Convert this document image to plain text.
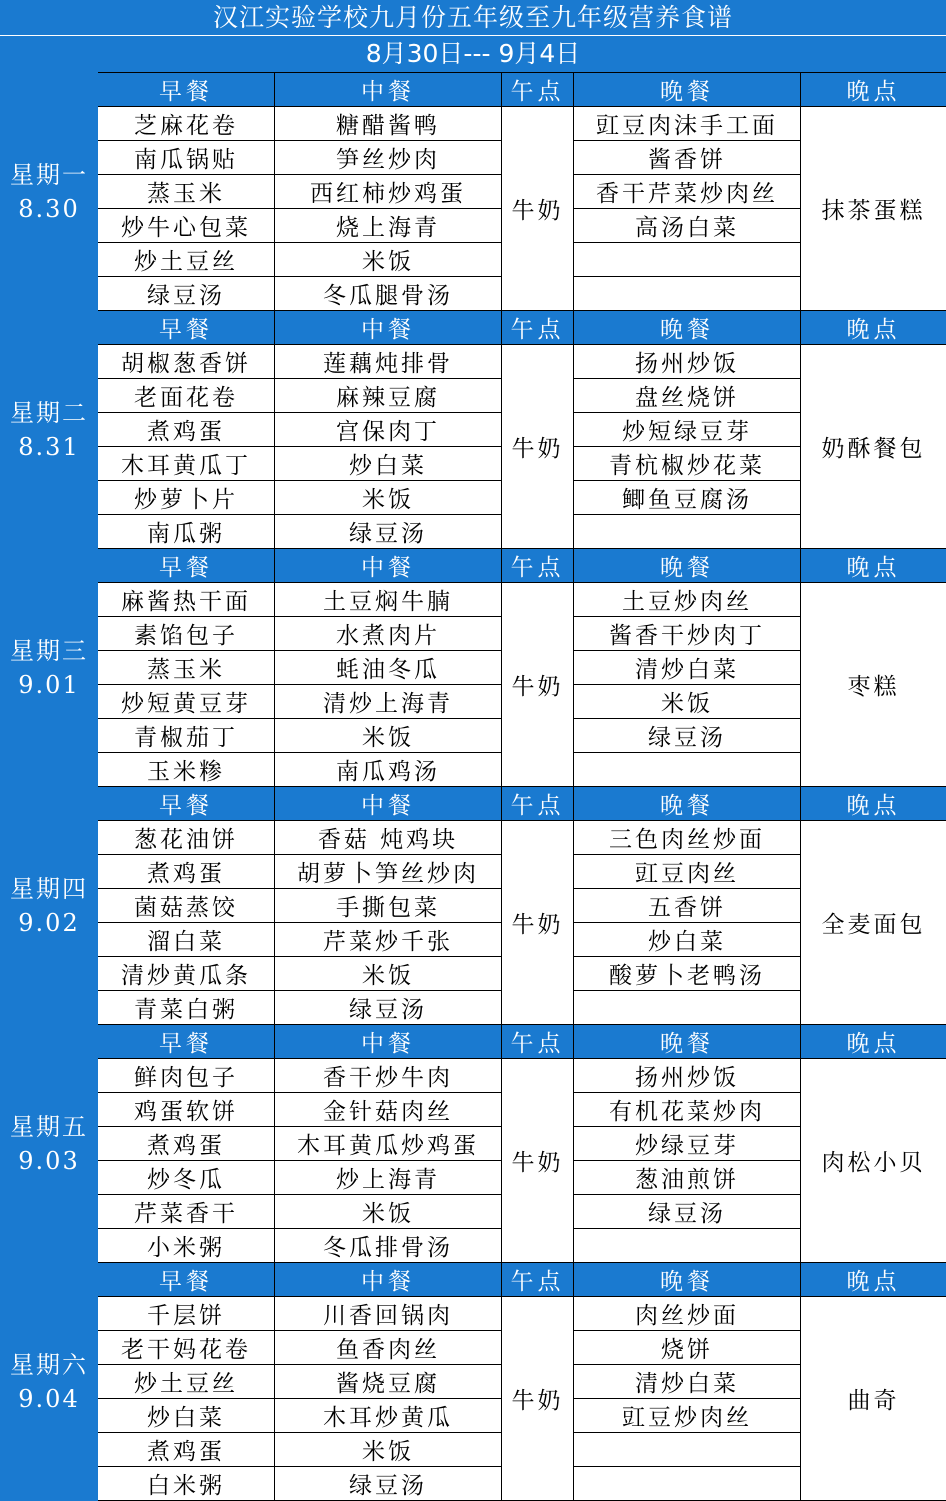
汉江实验学校九月份五年级至九年级营养食谱
8月30日--- 9月4日
星期一
8.30	早餐	中餐	午点	晚餐	晚点
	芝麻花卷	糖醋酱鸭	牛奶	豇豆肉沫手工面	抹茶蛋糕
	南瓜锅贴	笋丝炒肉		酱香饼	
	蒸玉米	西红柿炒鸡蛋		香干芹菜炒肉丝	
	炒牛心包菜	烧上海青		高汤白菜	
	炒土豆丝	米饭			
	绿豆汤	冬瓜腿骨汤			

星期二
8.31	早餐	中餐	午点	晚餐	晚点
	胡椒葱香饼	莲藕炖排骨	牛奶	扬州炒饭	奶酥餐包
	老面花卷	麻辣豆腐		盘丝烧饼	
	煮鸡蛋	宫保肉丁		炒短绿豆芽	
	木耳黄瓜丁	炒白菜		青杭椒炒花菜	
	炒萝卜片	米饭		鲫鱼豆腐汤	
	南瓜粥	绿豆汤			

星期三
9.01	早餐	中餐	午点	晚餐	晚点
	麻酱热干面	土豆焖牛腩	牛奶	土豆炒肉丝	枣糕
	素馅包子	水煮肉片		酱香干炒肉丁	
	蒸玉米	蚝油冬瓜		清炒白菜	
	炒短黄豆芽	清炒上海青		米饭	
	青椒茄丁	米饭		绿豆汤	
	玉米糁	南瓜鸡汤			

星期四
9.02	早餐	中餐	午点	晚餐	晚点
	葱花油饼	香菇 炖鸡块	牛奶	三色肉丝炒面	全麦面包
	煮鸡蛋	胡萝卜笋丝炒肉		豇豆肉丝	
	菌菇蒸饺	手撕包菜		五香饼	
	溜白菜	芹菜炒千张		炒白菜	
	清炒黄瓜条	米饭		酸萝卜老鸭汤	
	青菜白粥	绿豆汤			

星期五
9.03	早餐	中餐	午点	晚餐	晚点
	鲜肉包子	香干炒牛肉	牛奶	扬州炒饭	肉松小贝
	鸡蛋软饼	金针菇肉丝		有机花菜炒肉	
	煮鸡蛋	木耳黄瓜炒鸡蛋		炒绿豆芽	
	炒冬瓜	炒上海青		葱油煎饼	
	芹菜香干	米饭		绿豆汤	
	小米粥	冬瓜排骨汤			

星期六
9.04	早餐	中餐	午点	晚餐	晚点
	千层饼	川香回锅肉	牛奶	肉丝炒面	曲奇
	老干妈花卷	鱼香肉丝		烧饼	
	炒土豆丝	酱烧豆腐		清炒白菜	
	炒白菜	木耳炒黄瓜		豇豆炒肉丝	
	煮鸡蛋	米饭			
	白米粥	绿豆汤			
